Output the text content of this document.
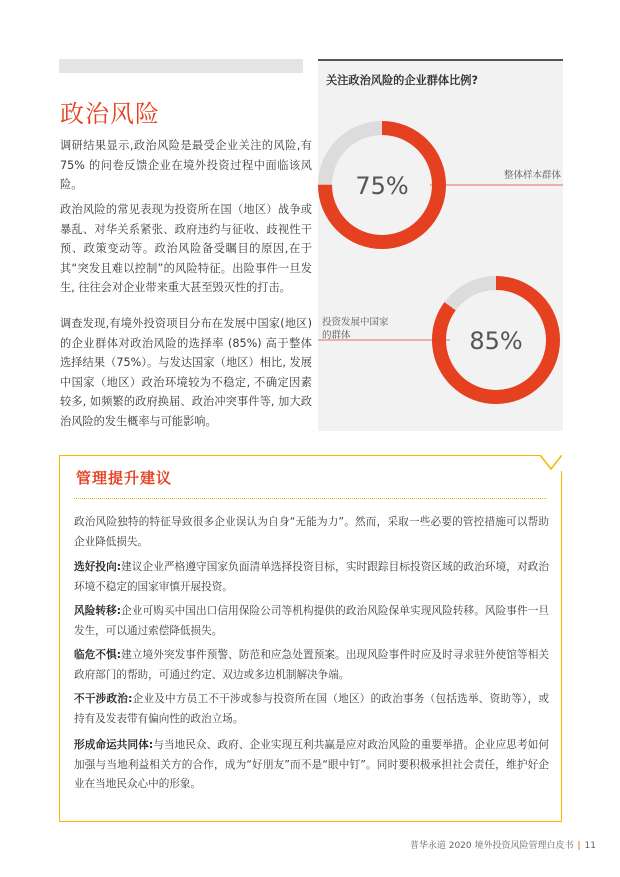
政治风险

调研结果显示,政治风险是最受企业关注的风险,有 75% 的问卷反馈企业在境外投资过程中面临该风险。

政治风险的常见表现为投资所在国（地区）战争或暴乱、对华关系紧张、政府违约与征收、歧视性干预、政策变动等。政治风险备受瞩目的原因,在于其“突发且难以控制”的风险特征。出险事件一旦发生, 往往会对企业带来重大甚至毁灭性的打击。

调查发现,有境外投资项目分布在发展中国家(地区)的企业群体对政治风险的选择率 (85%) 高于整体选择结果（75%）。与发达国家（地区）相比, 发展中国家（地区）政治环境较为不稳定, 不确定因素较多, 如频繁的政府换届、政治冲突事件等, 加大政治风险的发生概率与可能影响。

关注政治风险的企业群体比例?
75%	整体样本群体
85%
投资发展中国家的群体
管理提升建议

政治风险独特的特征导致很多企业误认为自身“无能为力”。然而，采取一些必要的管控措施可以帮助企业降低损失。

选好投向:建议企业严格遵守国家负面清单选择投资目标，实时跟踪目标投资区域的政治环境，对政治环境不稳定的国家审慎开展投资。

风险转移:企业可购买中国出口信用保险公司等机构提供的政治风险保单实现风险转移。风险事件一旦发生，可以通过索偿降低损失。

临危不惧:建立境外突发事件预警、防范和应急处置预案。出现风险事件时应及时寻求驻外使馆等相关政府部门的帮助，可通过约定、双边或多边机制解决争端。

不干涉政治:企业及中方员工不干涉或参与投资所在国（地区）的政治事务（包括选举、资助等），或持有及发表带有偏向性的政治立场。

形成命运共同体:与当地民众、政府、企业实现互利共赢是应对政治风险的重要举措。企业应思考如何加强与当地利益相关方的合作，成为“好朋友”而不是“眼中钉”。同时要积极承担社会责任，维护好企业在当地民众心中的形象。

普华永道 2020 境外投资风险管理白皮书 | 11
